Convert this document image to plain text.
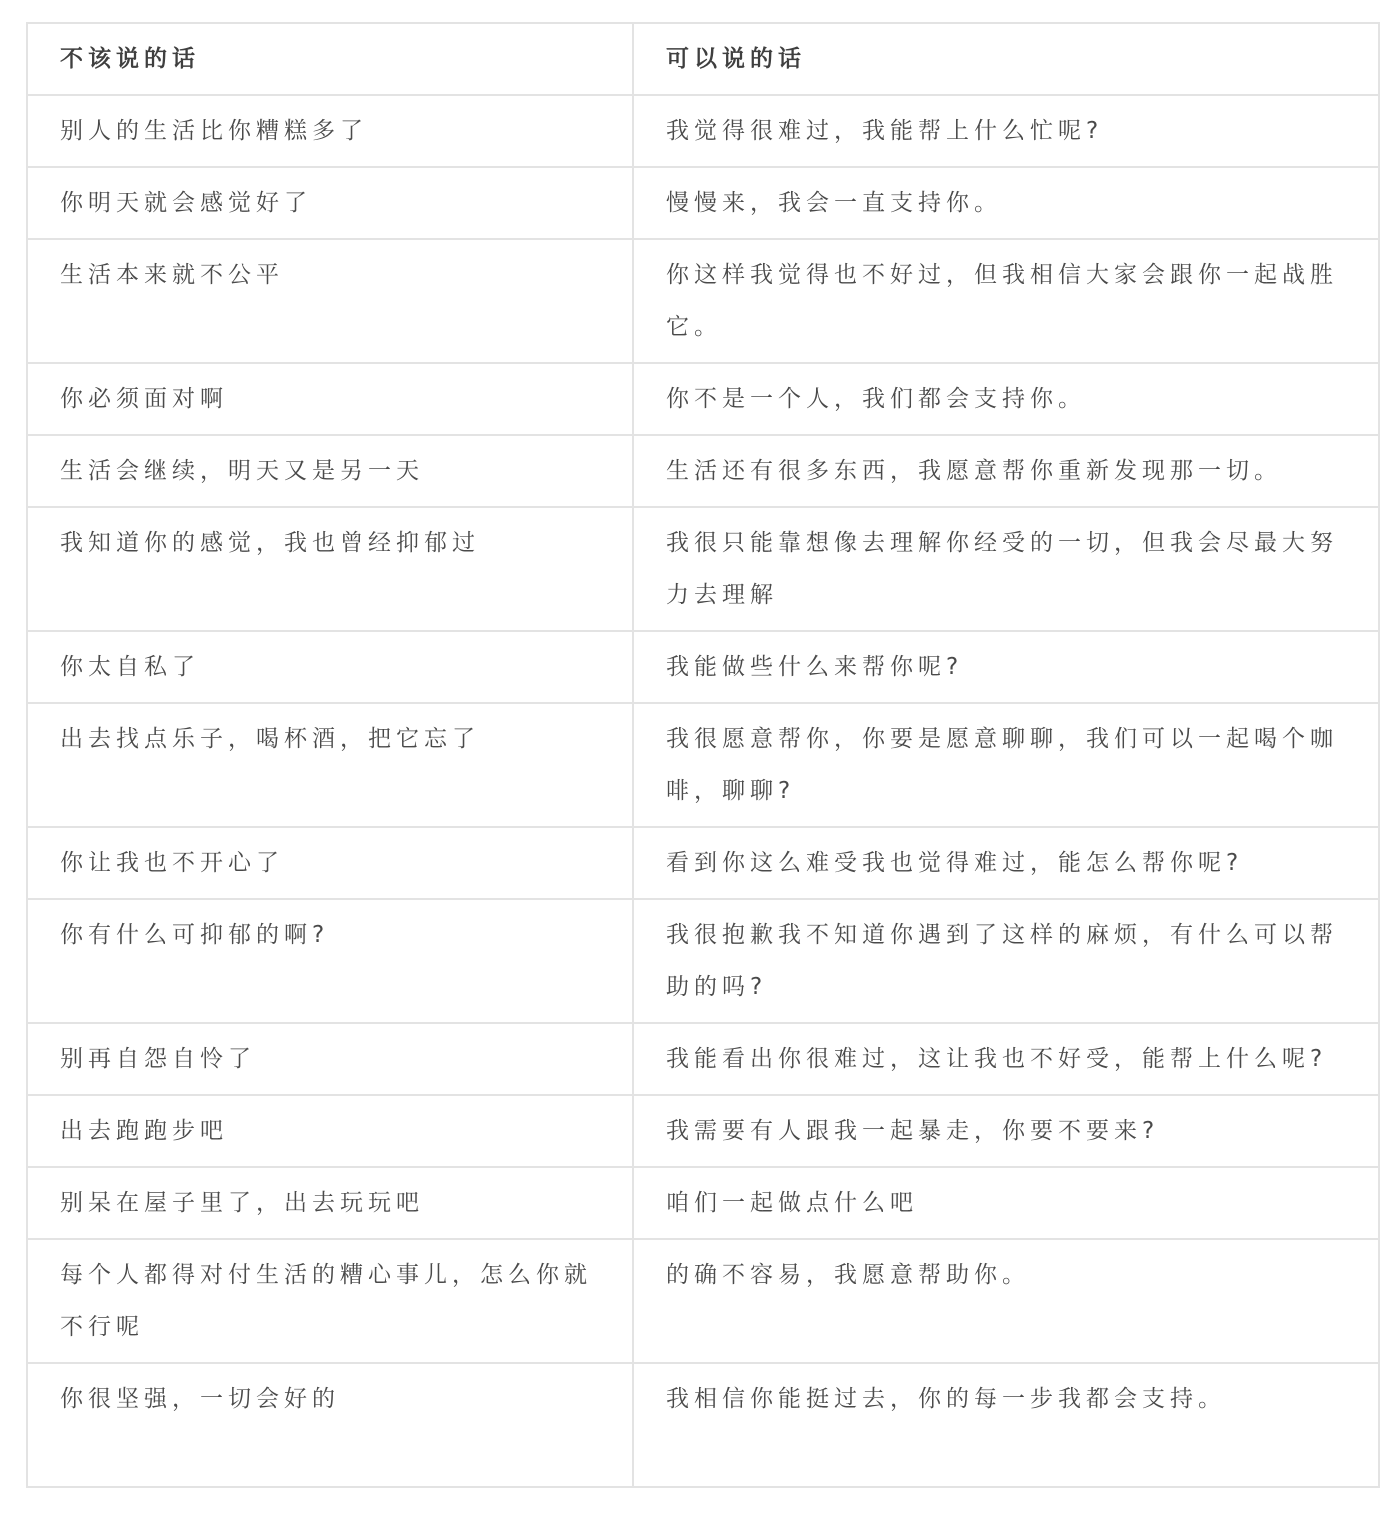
不该说的话	可以说的话
别人的生活比你糟糕多了	我觉得很难过，我能帮上什么忙呢?
你明天就会感觉好了	慢慢来，我会一直支持你。
生活本来就不公平	你这样我觉得也不好过，但我相信大家会跟你一起战胜它。
你必须面对啊	你不是一个人，我们都会支持你。
生活会继续，明天又是另一天	生活还有很多东西，我愿意帮你重新发现那一切。
我知道你的感觉，我也曾经抑郁过	我很只能靠想像去理解你经受的一切，但我会尽最大努力去理解
你太自私了	我能做些什么来帮你呢?
出去找点乐子，喝杯酒，把它忘了	我很愿意帮你，你要是愿意聊聊，我们可以一起喝个咖啡，聊聊?
你让我也不开心了	看到你这么难受我也觉得难过，能怎么帮你呢?
你有什么可抑郁的啊?	我很抱歉我不知道你遇到了这样的麻烦，有什么可以帮助的吗?
别再自怨自怜了	我能看出你很难过，这让我也不好受，能帮上什么呢?
出去跑跑步吧	我需要有人跟我一起暴走，你要不要来?
别呆在屋子里了，出去玩玩吧	咱们一起做点什么吧
每个人都得对付生活的糟心事儿，怎么你就不行呢	的确不容易，我愿意帮助你。
你很坚强，一切会好的	我相信你能挺过去，你的每一步我都会支持。
